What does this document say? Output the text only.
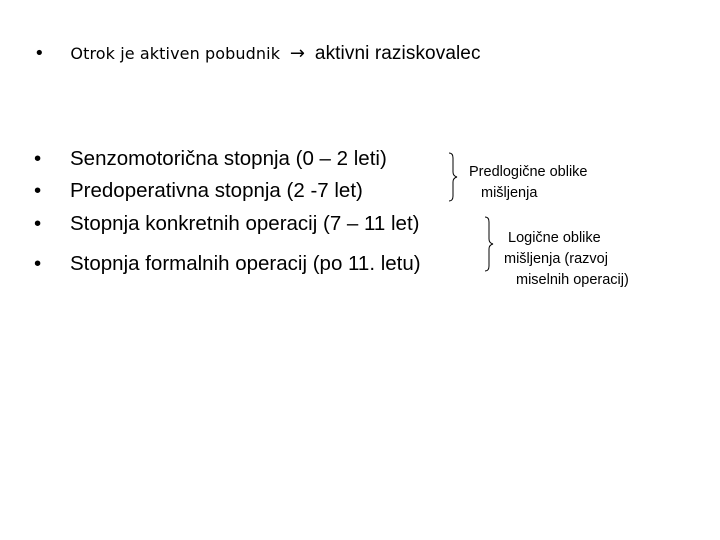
• Otrok je aktiven pobudnik → aktivni raziskovalec
• Senzomotorična stopnja (0 – 2 leti)
• Predoperativna stopnja (2 -7 let)
• Stopnja konkretnih operacij (7 – 11 let)
• Stopnja formalnih operacij (po 11. letu)
Predlogične oblike
mišljenja
Logične oblike
mišljenja (razvoj
miselnih operacij)
